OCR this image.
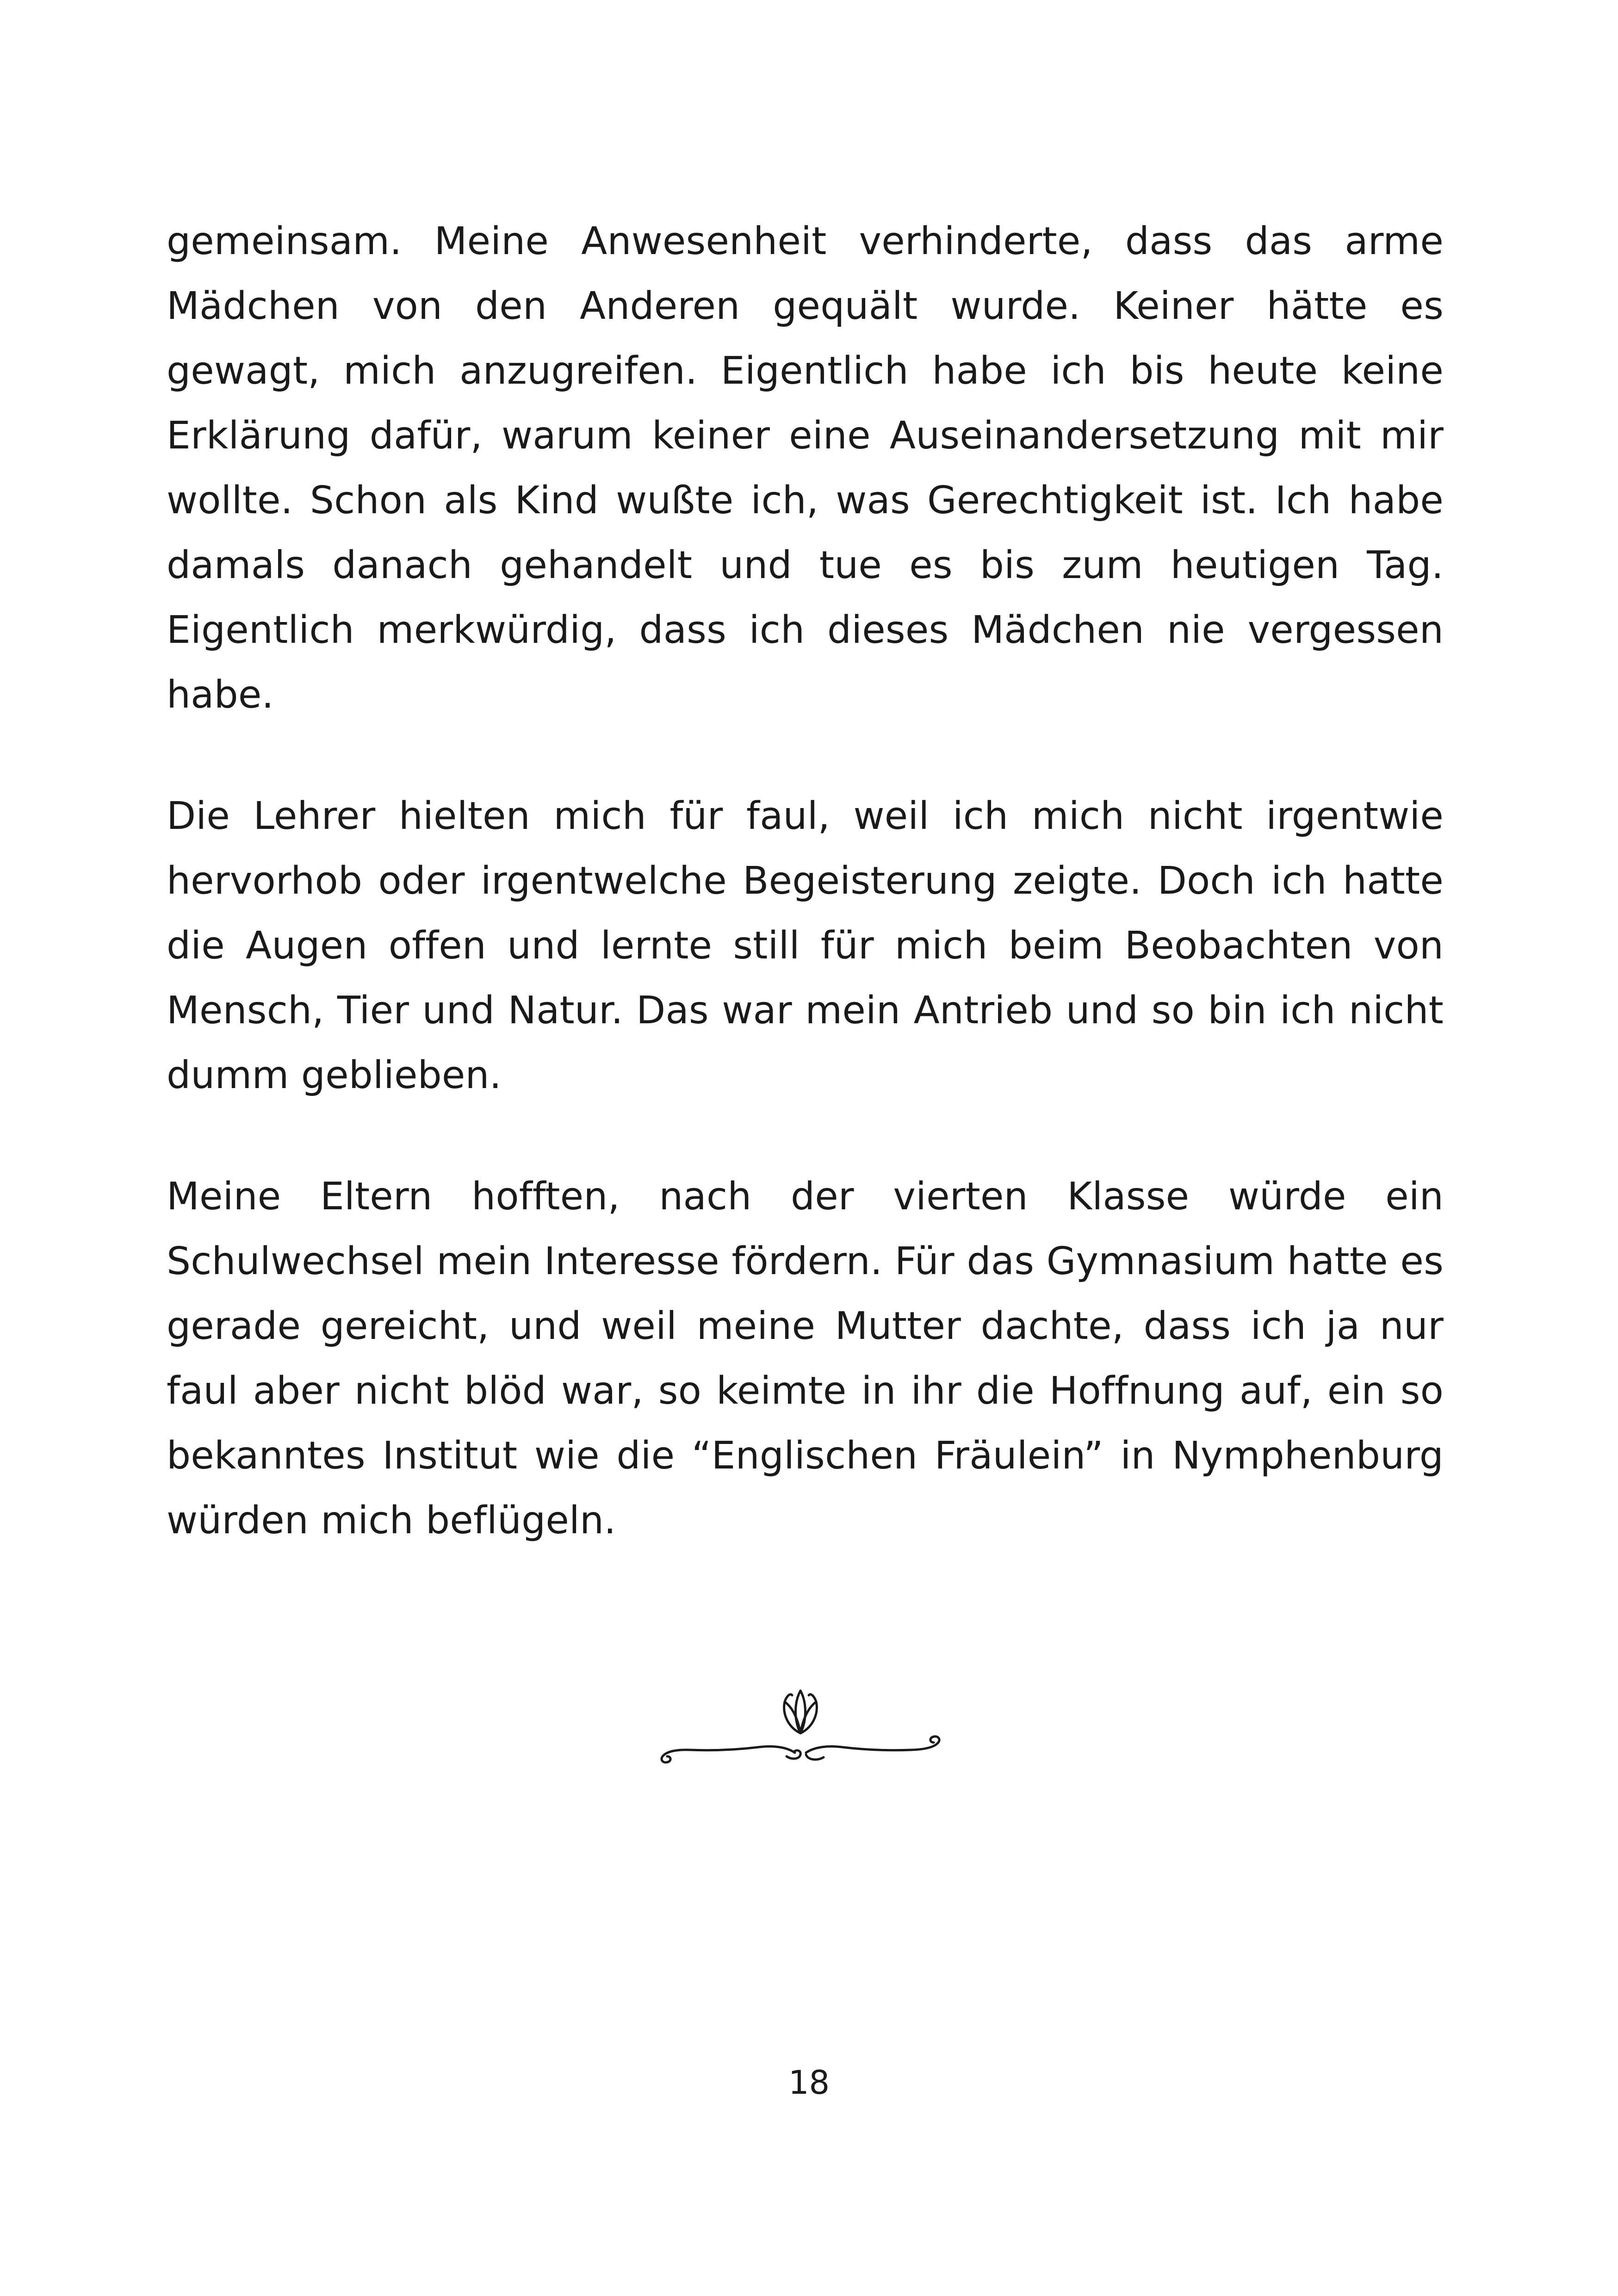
gemeinsam. Meine Anwesenheit verhinderte, dass das arme Mädchen von den Anderen gequält wurde. Keiner hätte es gewagt, mich anzugreifen. Eigentlich habe ich bis heute keine Erklärung dafür, warum keiner eine Auseinandersetzung mit mir wollte. Schon als Kind wußte ich, was Gerechtigkeit ist. Ich habe damals danach gehandelt und tue es bis zum heutigen Tag. Eigentlich merkwürdig, dass ich dieses Mädchen nie vergessen habe.

Die Lehrer hielten mich für faul, weil ich mich nicht irgentwie hervorhob oder irgentwelche Begeisterung zeigte. Doch ich hatte die Augen offen und lernte still für mich beim Beobachten von Mensch, Tier und Natur. Das war mein Antrieb und so bin ich nicht dumm geblieben.

Meine Eltern hofften, nach der vierten Klasse würde ein Schulwechsel mein Interesse fördern. Für das Gymnasium hatte es gerade gereicht, und weil meine Mutter dachte, dass ich ja nur faul aber nicht blöd war, so keimte in ihr die Hoffnung auf, ein so bekanntes Institut wie die “Englischen Fräulein” in Nymphenburg würden mich beflügeln.

18
